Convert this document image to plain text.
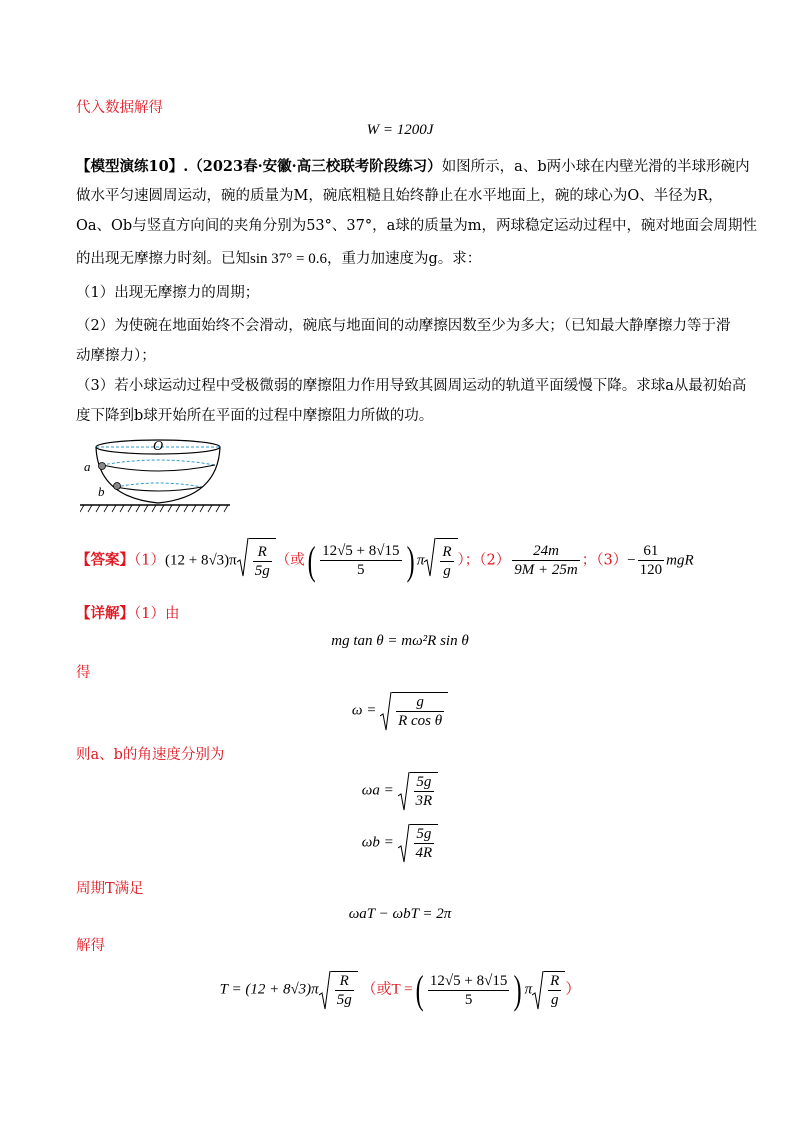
代入数据解得
W = 1200J
【模型演练10】.（2023春·安徽·高三校联考阶段练习）如图所示，a、b两小球在内壁光滑的半球形碗内
做水平匀速圆周运动，碗的质量为M，碗底粗糙且始终静止在水平地面上，碗的球心为O、半径为R，
Oa、Ob与竖直方向间的夹角分别为53°、37°，a球的质量为m，两球稳定运动过程中，碗对地面会周期性
的出现无摩擦力时刻。已知sin 37° = 0.6，重力加速度为g。求：
（1）出现无摩擦力的周期；
（2）为使碗在地面始终不会滑动，碗底与地面间的动摩擦因数至少为多大；（已知最大静摩擦力等于滑
动摩擦力）；
（3）若小球运动过程中受极微弱的摩擦阻力作用导致其圆周运动的轨道平面缓慢下降。求球a从最初始高
度下降到b球开始所在平面的过程中摩擦阻力所做的功。
O
a
b
【答案】$(1)(12 + 8√3)\pi \frac{R}{5g}$ （或( $\frac{12√5 + 8√15}{5}$ ) π $\frac{R}{g}$ ）；$(2) \frac{24m}{9M + 25m}$ ；$(3)- \frac{61}{120}$ mgR
【详解】（1）由
mg tan θ = mω²R sin θ
得
$\omega = \frac{g}{\text{R cos θ}}$
则a、b的角速度分别为
$\omega a = \frac{5g}{3R}$
$\omega b = \frac{5g}{4R}$
周期T满足
ωaT − ωbT = 2π
解得
$T = (12 + 8√3)\pi \frac{R}{5g}$ （或T =( $\frac{12√5 + 8√15}{5}$ ) π $\frac{R}{g}$ ）
